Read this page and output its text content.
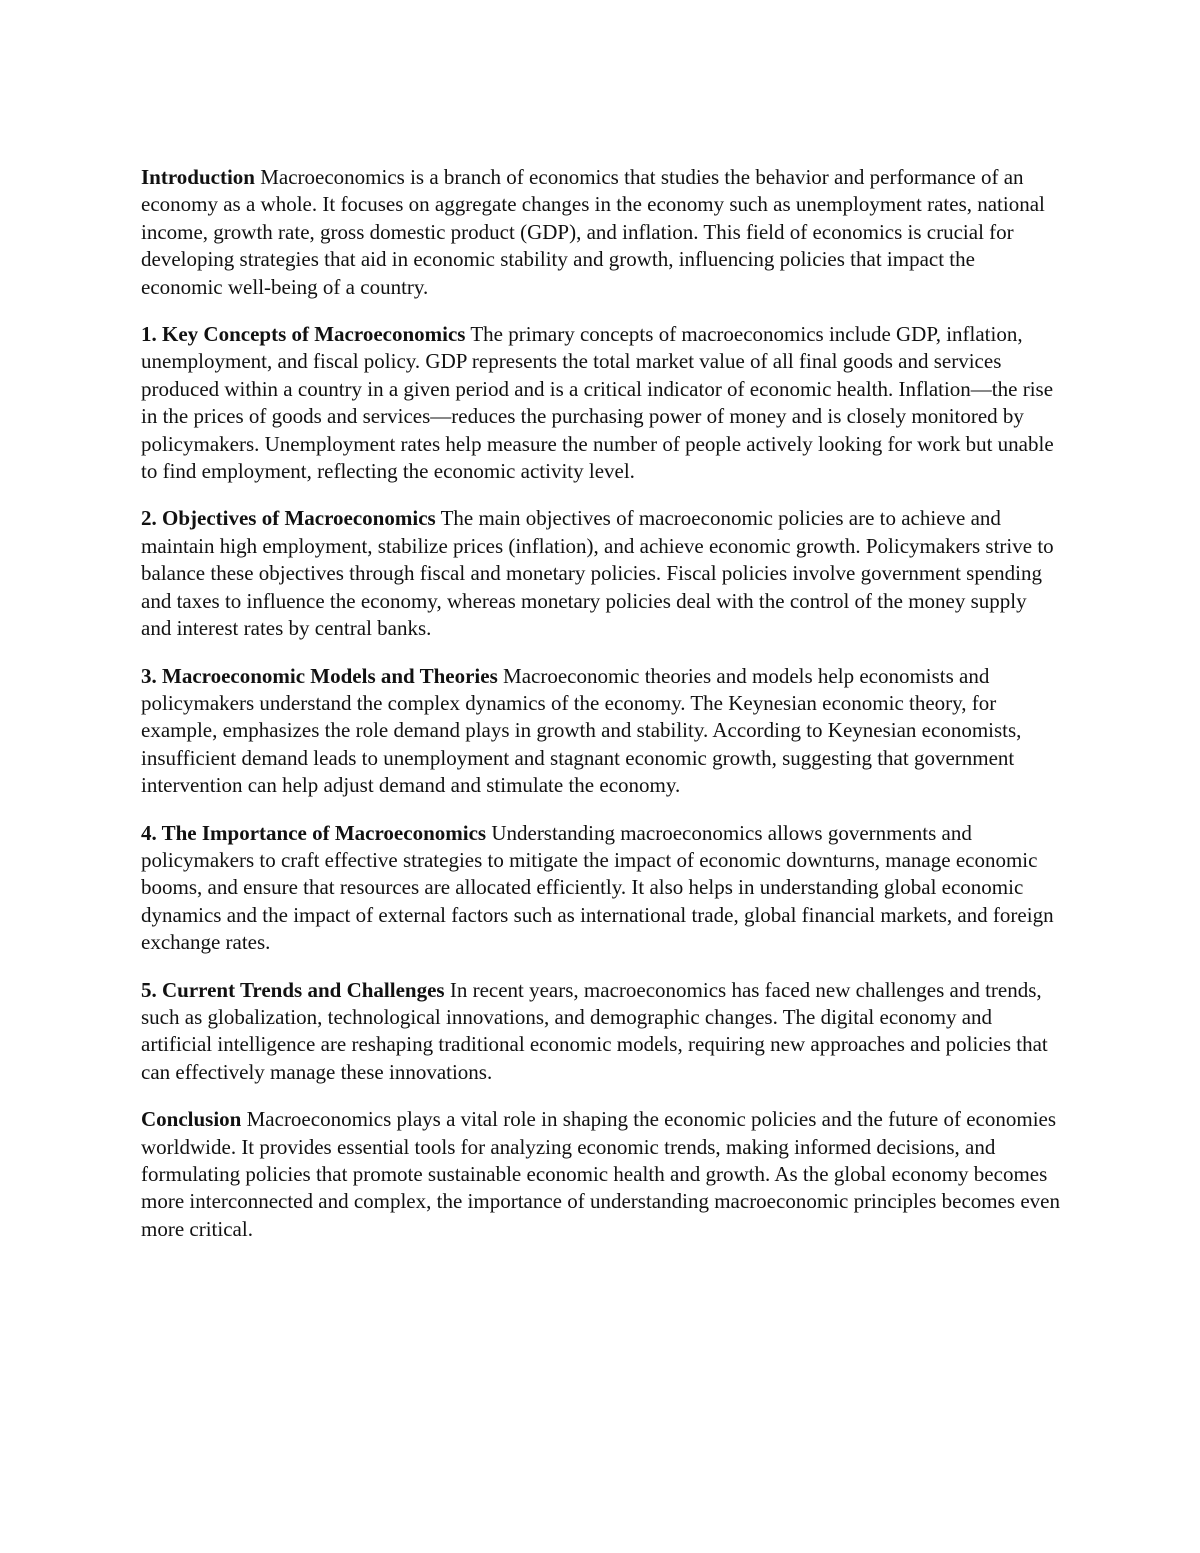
Introduction Macroeconomics is a branch of economics that studies the behavior and performance of an economy as a whole. It focuses on aggregate changes in the economy such as unemployment rates, national income, growth rate, gross domestic product (GDP), and inflation. This field of economics is crucial for developing strategies that aid in economic stability and growth, influencing policies that impact the economic well-being of a country.

1. Key Concepts of Macroeconomics The primary concepts of macroeconomics include GDP, inflation, unemployment, and fiscal policy. GDP represents the total market value of all final goods and services produced within a country in a given period and is a critical indicator of economic health. Inflation—the rise in the prices of goods and services—reduces the purchasing power of money and is closely monitored by policymakers. Unemployment rates help measure the number of people actively looking for work but unable to find employment, reflecting the economic activity level.

2. Objectives of Macroeconomics The main objectives of macroeconomic policies are to achieve and maintain high employment, stabilize prices (inflation), and achieve economic growth. Policymakers strive to balance these objectives through fiscal and monetary policies. Fiscal policies involve government spending and taxes to influence the economy, whereas monetary policies deal with the control of the money supply and interest rates by central banks.

3. Macroeconomic Models and Theories Macroeconomic theories and models help economists and policymakers understand the complex dynamics of the economy. The Keynesian economic theory, for example, emphasizes the role demand plays in growth and stability. According to Keynesian economists, insufficient demand leads to unemployment and stagnant economic growth, suggesting that government intervention can help adjust demand and stimulate the economy.

4. The Importance of Macroeconomics Understanding macroeconomics allows governments and policymakers to craft effective strategies to mitigate the impact of economic downturns, manage economic booms, and ensure that resources are allocated efficiently. It also helps in understanding global economic dynamics and the impact of external factors such as international trade, global financial markets, and foreign exchange rates.

5. Current Trends and Challenges In recent years, macroeconomics has faced new challenges and trends, such as globalization, technological innovations, and demographic changes. The digital economy and artificial intelligence are reshaping traditional economic models, requiring new approaches and policies that can effectively manage these innovations.

Conclusion Macroeconomics plays a vital role in shaping the economic policies and the future of economies worldwide. It provides essential tools for analyzing economic trends, making informed decisions, and formulating policies that promote sustainable economic health and growth. As the global economy becomes more interconnected and complex, the importance of understanding macroeconomic principles becomes even more critical.
